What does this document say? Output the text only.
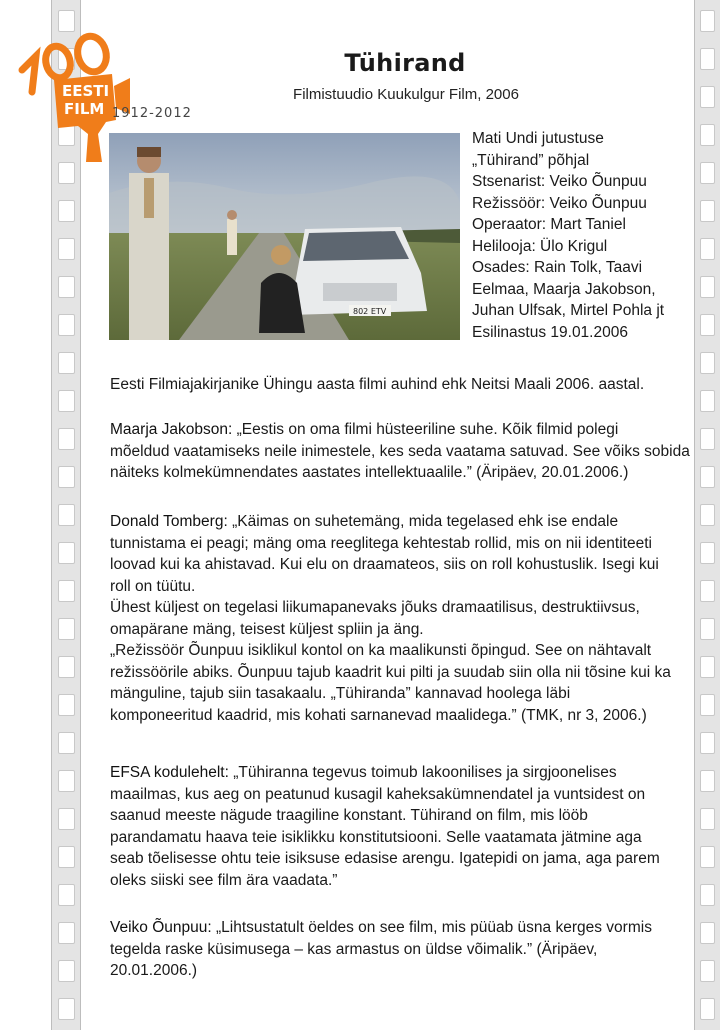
EESTI
FILM 1912-2012
Tühirand
Filmistuudio Kuukulgur Film, 2006
802 ETV
Mati Undi jutustuse
„Tühirand” põhjal
Stsenarist: Veiko Õunpuu
Režissöör: Veiko Õunpuu
Operaator: Mart Taniel
Helilooja: Ülo Krigul
Osades: Rain Tolk, Taavi
Eelmaa, Maarja Jakobson,
Juhan Ulfsak, Mirtel Pohla jt
Esilinastus 19.01.2006
Eesti Filmiajakirjanike Ühingu aasta filmi auhind ehk Neitsi Maali 2006. aastal.
Maarja Jakobson: „Eestis on oma filmi hüsteeriline suhe. Kõik filmid polegi
mõeldud vaatamiseks neile inimestele, kes seda vaatama satuvad. See võiks sobida
näiteks kolmekümnendates aastates intellektuaalile.” (Äripäev, 20.01.2006.)
Donald Tomberg: „Käimas on suhetemäng, mida tegelased ehk ise endale
tunnistama ei peagi; mäng oma reeglitega kehtestab rollid, mis on nii identiteeti
loovad kui ka ahistavad. Kui elu on draamateos, siis on roll kohustuslik. Isegi kui
roll on tüütu.
Ühest küljest on tegelasi liikumapanevaks jõuks dramaatilisus, destruktiivsus,
omapärane mäng, teisest küljest spliin ja äng.
„Režissöör Õunpuu isiklikul kontol on ka maalikunsti õpingud. See on nähtavalt
režissöörile abiks. Õunpuu tajub kaadrit kui pilti ja suudab siin olla nii tõsine kui ka
mänguline, tajub siin tasakaalu. „Tühiranda” kannavad hoolega läbi
komponeeritud kaadrid, mis kohati sarnanevad maalidega.” (TMK, nr 3, 2006.)
EFSA kodulehelt: „Tühiranna tegevus toimub lakoonilises ja sirgjoonelises
maailmas, kus aeg on peatunud kusagil kaheksakümnendatel ja vuntsidest on
saanud meeste nägude traagiline konstant. Tühirand on film, mis lööb
parandamatu haava teie isiklikku konstitutsiooni. Selle vaatamata jätmine aga
seab tõelisesse ohtu teie isiksuse edasise arengu. Igatepidi on jama, aga parem
oleks siiski see film ära vaadata.”
Veiko Õunpuu: „Lihtsustatult öeldes on see film, mis püüab üsna kerges vormis
tegelda raske küsimusega – kas armastus on üldse võimalik.” (Äripäev,
20.01.2006.)
